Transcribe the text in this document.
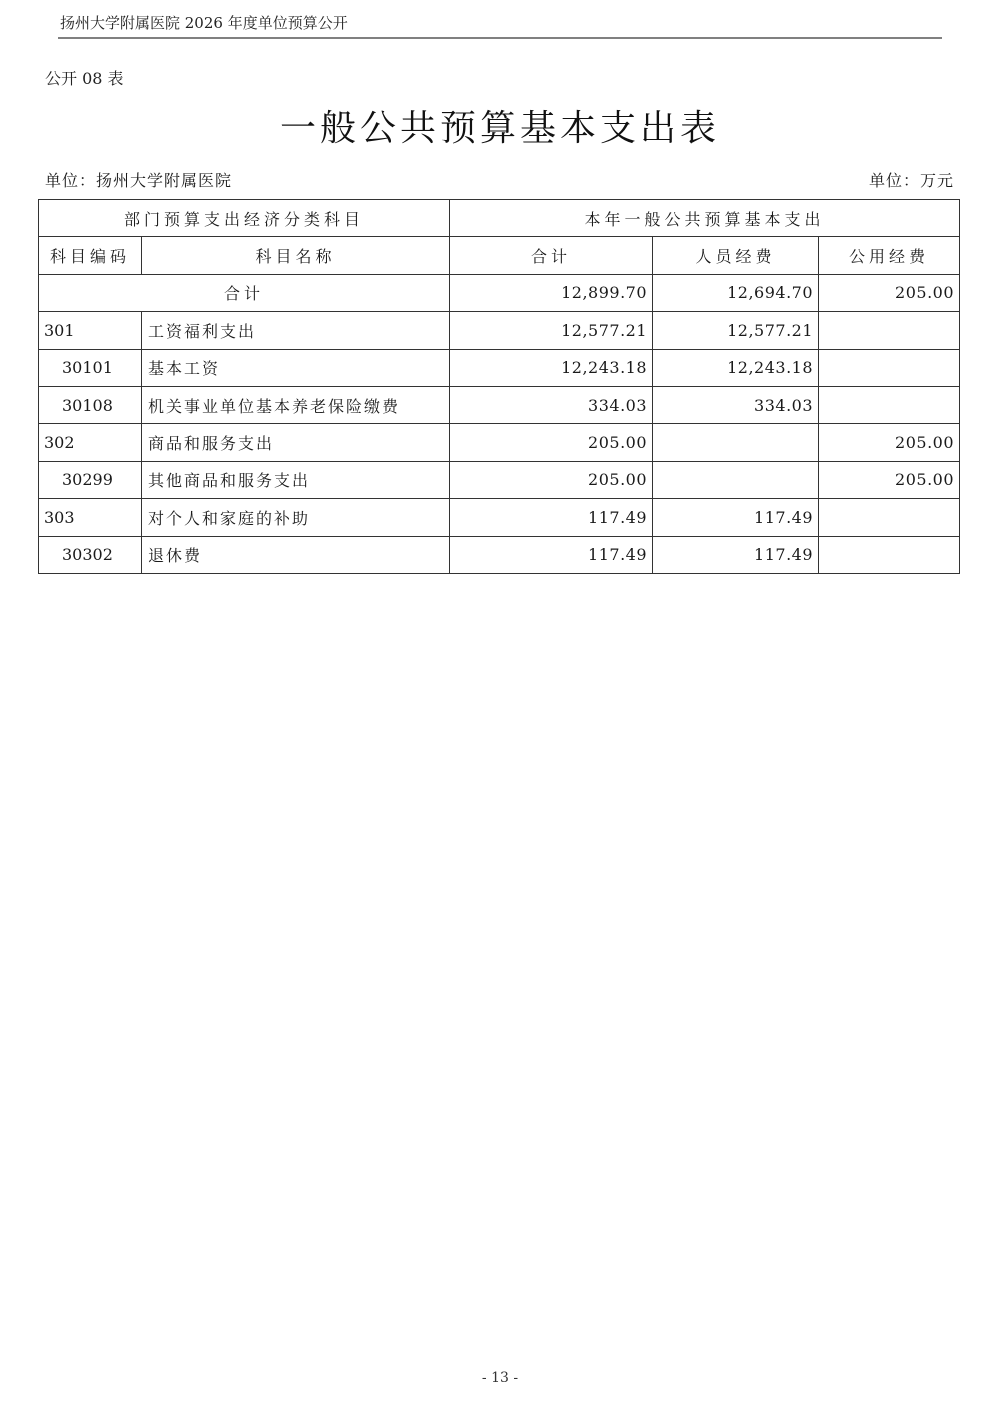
扬州大学附属医院 2026 年度单位预算公开
公开 08 表
一般公共预算基本支出表
单位：扬州大学附属医院	单位：万元
部门预算支出经济分类科目		本年一般公共预算基本支出		
科目编码	科目名称	合计	人员经费	公用经费
合计		12,899.70	12,694.70	205.00
301	工资福利支出	12,577.21	12,577.21	
30101	基本工资	12,243.18	12,243.18	
30108	机关事业单位基本养老保险缴费	334.03	334.03	
302	商品和服务支出	205.00		205.00
30299	其他商品和服务支出	205.00		205.00
303	对个人和家庭的补助	117.49	117.49	
30302	退休费	117.49	117.49	
- 13 -
